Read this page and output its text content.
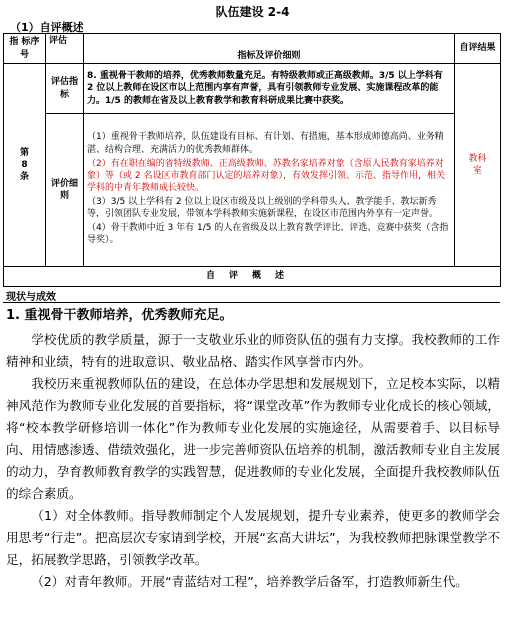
队伍建设 2-4
（1）自评概述
指 标序号	评估	指标及评价细则	自评结果
第8条	评估指标	8. 重视骨干教师的培养，优秀教师数量充足。有特级教师或正高级教师。3/5 以上学科有 2 位以上教师在设区市以上范围内享有声誉，具有引领教师专业发展、实施课程改革的能力。1/5 的教师在省及以上教育教学和教育科研成果比赛中获奖。	教科室
	评价细则	（1）重视骨干教师培养，队伍建设有目标、有计划、有措施，基本形成师德高尚、业务精湛、结构合理、充满活力的优秀教师群体。

（2）有在职在编的省特级教师、正高级教师、苏教名家培养对象（含原人民教育家培养对象）等（或 2 名设区市教育部门认定的培养对象），有效发挥引领、示范、指导作用，相关学科的中青年教师成长较快。

（3）3/5 以上学科有 2 位以上设区市级及以上级别的学科带头人、教学能手、教坛新秀等，引领团队专业发展，带领本学科教师实施新课程，在设区市范围内外享有一定声誉。

（4）骨干教师中近 3 年有 1/5 的人在省级及以上教育教学评比、评选、竞赛中获奖（含指导奖）。	

自评概述			
现状与成效
1. 重视骨干教师培养，优秀教师充足。

学校优质的教学质量，源于一支敬业乐业的师资队伍的强有力支撑。我校教师的工作精神和业绩，特有的进取意识、敬业品格、踏实作风享誉市内外。

我校历来重视教师队伍的建设，在总体办学思想和发展规划下，立足校本实际，以精神风范作为教师专业化发展的首要指标，将“课堂改革”作为教师专业化成长的核心领域，将“校本教学研修培训一体化”作为教师专业化发展的实施途径，从需要着手、以目标导向、用情感渗透、借绩效强化，进一步完善师资队伍培养的机制，激活教师专业自主发展的动力，孕育教师教育教学的实践智慧，促进教师的专业化发展，全面提升我校教师队伍的综合素质。

（1）对全体教师。指导教师制定个人发展规划，提升专业素养，使更多的教师学会用思考“行走”。把高层次专家请到学校，开展“玄高大讲坛”，为我校教师把脉课堂教学不足，拓展教学思路，引领教学改革。

（2）对青年教师。开展“青蓝结对工程”，培养教学后备军，打造教师新生代。
